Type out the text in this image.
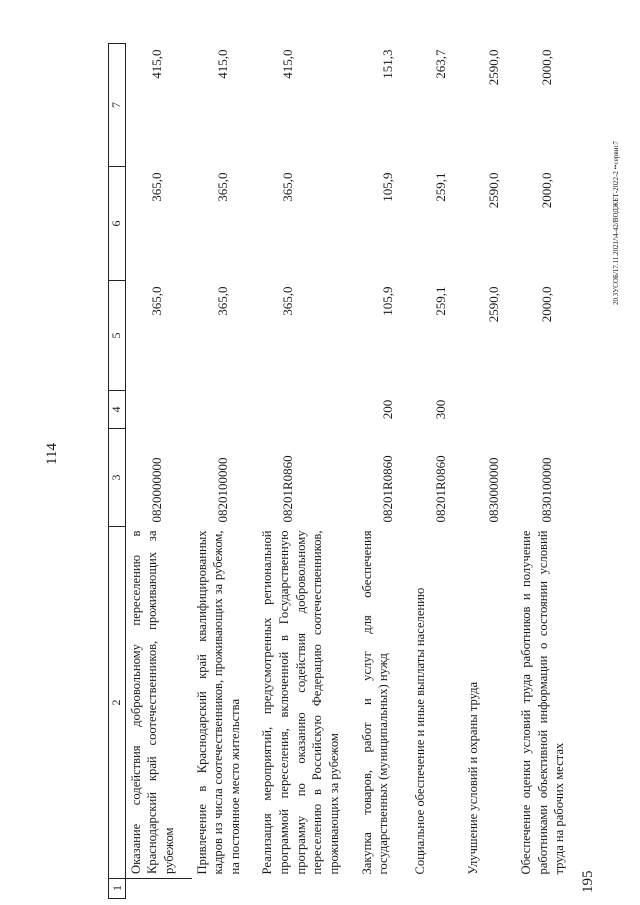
114
2	3	4	5	6	7
Оказание содействия добровольному переселению в Краснодарский край соотечественников, проживающих за рубежом	0820000000		365,0	365,0	415,0
Привлечение в Краснодарский край квалифицированных кадров из числа соотечественников, проживающих за рубежом, на постоянное место жительства	0820100000		365,0	365,0	415,0
Реализация мероприятий, предусмотренных региональной программой переселения, включенной в Государственную программу по оказанию содействия добровольному переселению в Российскую Федерацию соотечественников, проживающих за рубежом	08201R0860		365,0	365,0	415,0
Закупка товаров, работ и услуг для обеспечения государственных (муниципальных) нужд	08201R0860	200	105,9	105,9	151,3
Социальное обеспечение и иные выплаты населению	08201R0860	300	259,1	259,1	263,7
Улучшение условий и охраны труда	0830000000		2590,0	2590,0	2590,0
Обеспечение оценки условий труда работников и получение работниками объективной информации о состоянии условий труда на рабочих местах	0830100000		2000,0	2000,0	2000,0
1	195
20.3УСОБ/17.11.2021/\4-42/ВОДЖЕТ-2022-2 ••сервис7
